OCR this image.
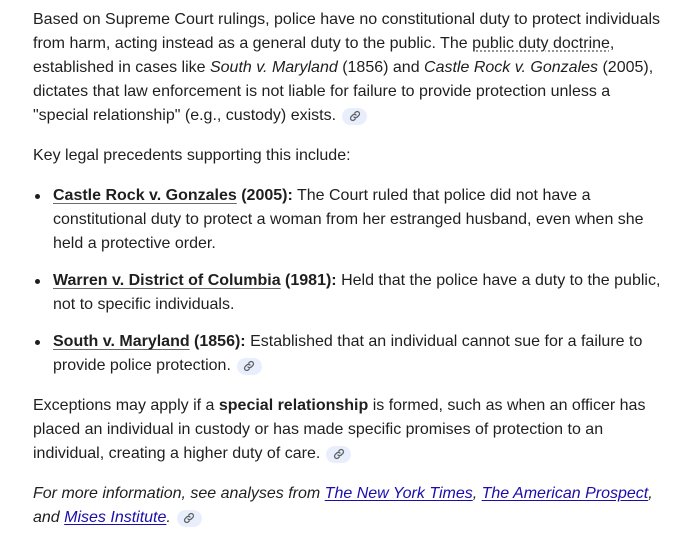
Based on Supreme Court rulings, police have no constitutional duty to protect individuals from harm, acting instead as a general duty to the public. The public duty doctrine, established in cases like South v. Maryland (1856) and Castle Rock v. Gonzales (2005), dictates that law enforcement is not liable for failure to provide protection unless a "special relationship" (e.g., custody) exists.

Key legal precedents supporting this include:

Castle Rock v. Gonzales (2005): The Court ruled that police did not have a constitutional duty to protect a woman from her estranged husband, even when she held a protective order.
Warren v. District of Columbia (1981): Held that the police have a duty to the public, not to specific individuals.
South v. Maryland (1856): Established that an individual cannot sue for a failure to provide police protection.

Exceptions may apply if a special relationship is formed, such as when an officer has placed an individual in custody or has made specific promises of protection to an individual, creating a higher duty of care.

For more information, see analyses from The New York Times, The American Prospect, and Mises Institute.
